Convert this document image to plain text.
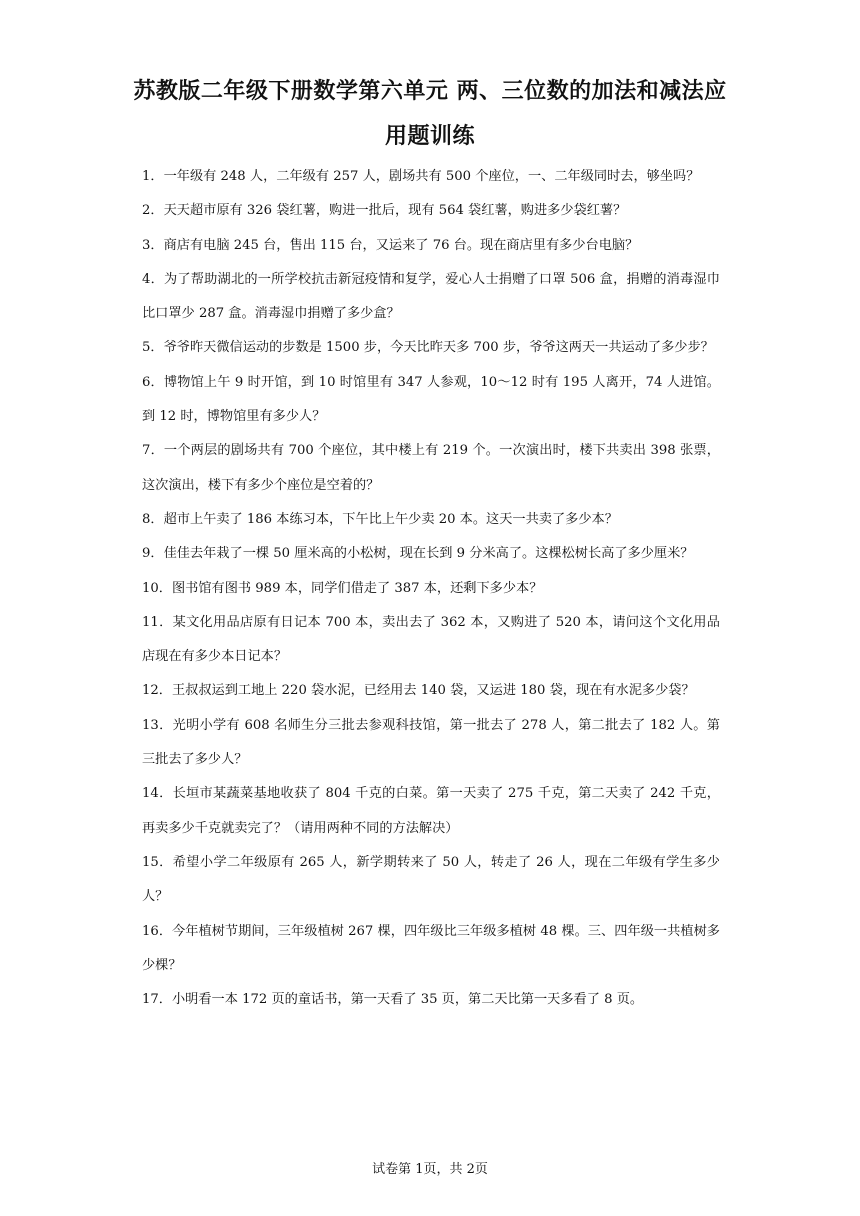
苏教版二年级下册数学第六单元 两、三位数的加法和减法应
用题训练
1．一年级有 248 人，二年级有 257 人，剧场共有 500 个座位，一、二年级同时去，够坐吗？
2．天天超市原有 326 袋红薯，购进一批后，现有 564 袋红薯，购进多少袋红薯？
3．商店有电脑 245 台，售出 115 台，又运来了 76 台。现在商店里有多少台电脑？
4．为了帮助湖北的一所学校抗击新冠疫情和复学，爱心人士捐赠了口罩 506 盒，捐赠的消毒湿巾比口罩少 287 盒。消毒湿巾捐赠了多少盒？
5．爷爷昨天微信运动的步数是 1500 步，今天比昨天多 700 步，爷爷这两天一共运动了多少步？
6．博物馆上午 9 时开馆，到 10 时馆里有 347 人参观，10～12 时有 195 人离开，74 人进馆。到 12 时，博物馆里有多少人？
7．一个两层的剧场共有 700 个座位，其中楼上有 219 个。一次演出时，楼下共卖出 398 张票，这次演出，楼下有多少个座位是空着的？
8．超市上午卖了 186 本练习本，下午比上午少卖 20 本。这天一共卖了多少本？
9．佳佳去年栽了一棵 50 厘米高的小松树，现在长到 9 分米高了。这棵松树长高了多少厘米？
10．图书馆有图书 989 本，同学们借走了 387 本，还剩下多少本？
11．某文化用品店原有日记本 700 本，卖出去了 362 本，又购进了 520 本，请问这个文化用品店现在有多少本日记本？
12．王叔叔运到工地上 220 袋水泥，已经用去 140 袋，又运进 180 袋，现在有水泥多少袋？
13．光明小学有 608 名师生分三批去参观科技馆，第一批去了 278 人，第二批去了 182 人。第三批去了多少人？
14．长垣市某蔬菜基地收获了 804 千克的白菜。第一天卖了 275 千克，第二天卖了 242 千克，再卖多少千克就卖完了？（请用两种不同的方法解决）
15．希望小学二年级原有 265 人，新学期转来了 50 人，转走了 26 人，现在二年级有学生多少人？
16．今年植树节期间，三年级植树 267 棵，四年级比三年级多植树 48 棵。三、四年级一共植树多少棵？
17．小明看一本 172 页的童话书，第一天看了 35 页，第二天比第一天多看了 8 页。
试卷第 1页，共 2页
